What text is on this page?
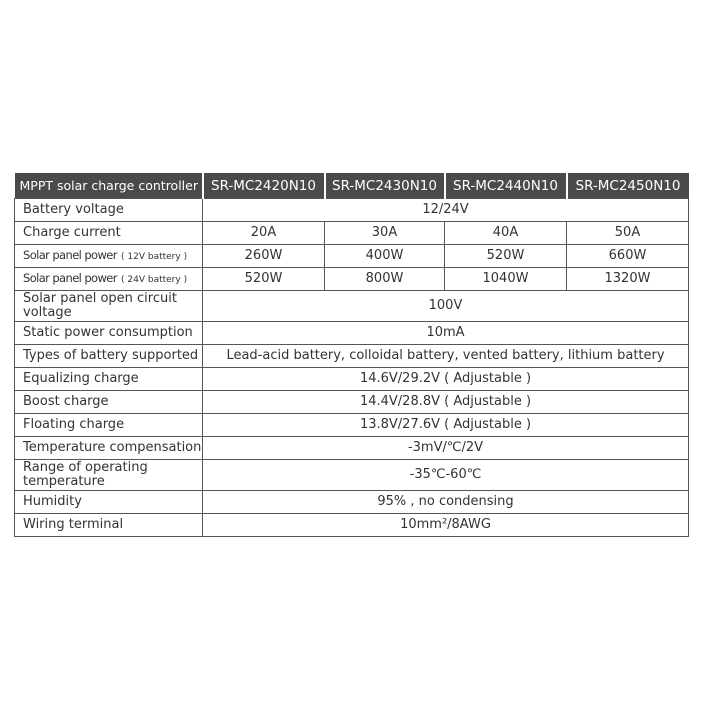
MPPT solar charge controller	SR-MC2420N10	SR-MC2430N10	SR-MC2440N10	SR-MC2450N10
Battery voltage	12/24V			
Charge current	20A	30A	40A	50A
Solar panel power ( 12V battery )	260W	400W	520W	660W
Solar panel power ( 24V battery )	520W	800W	1040W	1320W
Solar panel open circuit voltage	100V			
Static power consumption	10mA			
Types of battery supported	Lead-acid battery, colloidal battery, vented battery, lithium battery			
Equalizing charge	14.6V/29.2V ( Adjustable )			
Boost charge	14.4V/28.8V ( Adjustable )			
Floating charge	13.8V/27.6V ( Adjustable )			
Temperature compensation	-3mV/℃/2V			
Range of operating temperature	-35℃-60℃			
Humidity	95% , no condensing			
Wiring terminal	10mm²/8AWG			
